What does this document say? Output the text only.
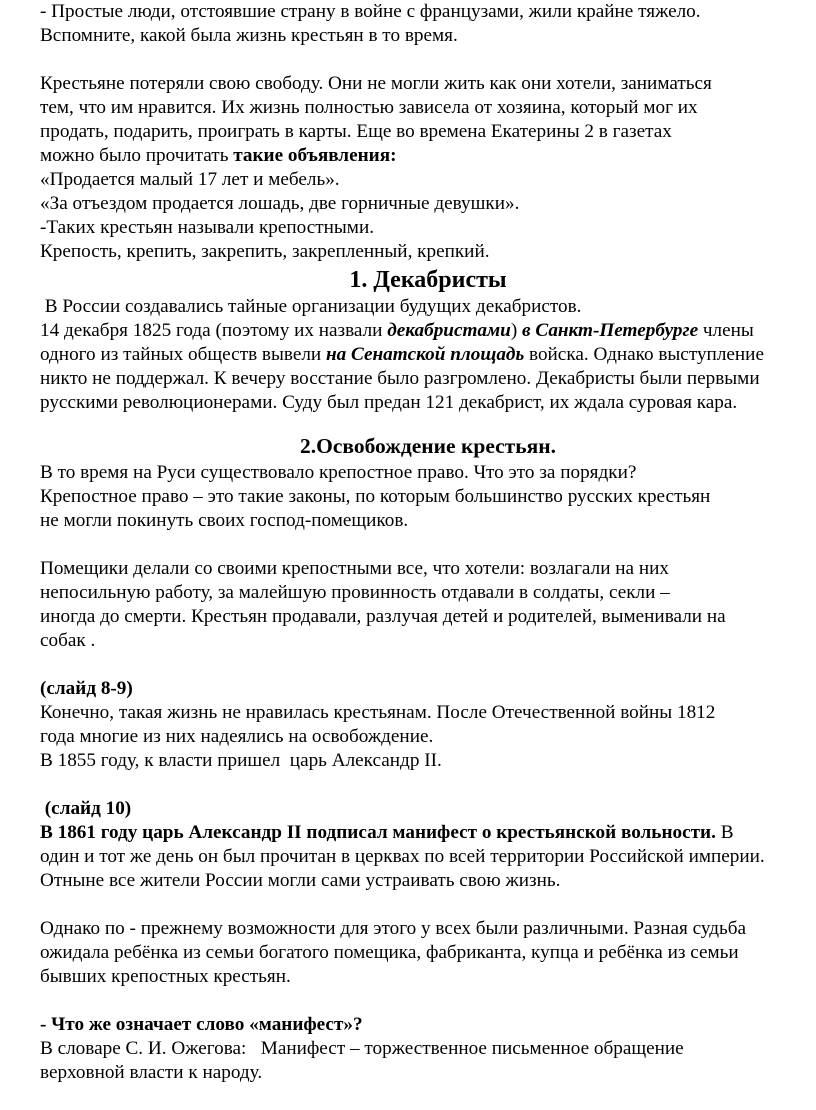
- Простые люди, отстоявшие страну в войне с французами, жили крайне тяжело.

Вспомните, какой была жизнь крестьян в то время.

Крестьяне потеряли свою свободу. Они не могли жить как они хотели, заниматься

тем, что им нравится. Их жизнь полностью зависела от хозяина, который мог их

продать, подарить, проиграть в карты. Еще во времена Екатерины 2 в газетах

можно было прочитать такие объявления:

«Продается малый 17 лет и мебель».

«За отъездом продается лошадь, две горничные девушки».

-Таких крестьян называли крепостными.

Крепость, крепить, закрепить, закрепленный, крепкий.

1. Декабристы

В России создавались тайные организации будущих декабристов.

14 декабря 1825 года (поэтому их назвали декабристами) в Санкт-Петербурге члены

одного из тайных обществ вывели на Сенатской площадь войска. Однако выступление

никто не поддержал. К вечеру восстание было разгромлено. Декабристы были первыми

русскими революционерами. Суду был предан 121 декабрист, их ждала суровая кара.

2.Освобождение крестьян.

В то время на Руси существовало крепостное право. Что это за порядки?

Крепостное право – это такие законы, по которым большинство русских крестьян

не могли покинуть своих господ-помещиков.

Помещики делали со своими крепостными все, что хотели: возлагали на них

непосильную работу, за малейшую провинность отдавали в солдаты, секли –

иногда до смерти. Крестьян продавали, разлучая детей и родителей, выменивали на

собак .

(слайд 8-9)

Конечно, такая жизнь не нравилась крестьянам. После Отечественной войны 1812

года многие из них надеялись на освобождение.

В 1855 году, к власти пришел  царь Александр II.

(слайд 10)

В 1861 году царь Александр II подписал манифест о крестьянской вольности. В

один и тот же день он был прочитан в церквах по всей территории Российской империи.

Отныне все жители России могли сами устраивать свою жизнь.

Однако по - прежнему возможности для этого у всех были различными. Разная судьба

ожидала ребёнка из семьи богатого помещика, фабриканта, купца и ребёнка из семьи

бывших крепостных крестьян.

- Что же означает слово «манифест»?

В словаре С. И. Ожегова:   Манифест – торжественное письменное обращение

верховной власти к народу.
